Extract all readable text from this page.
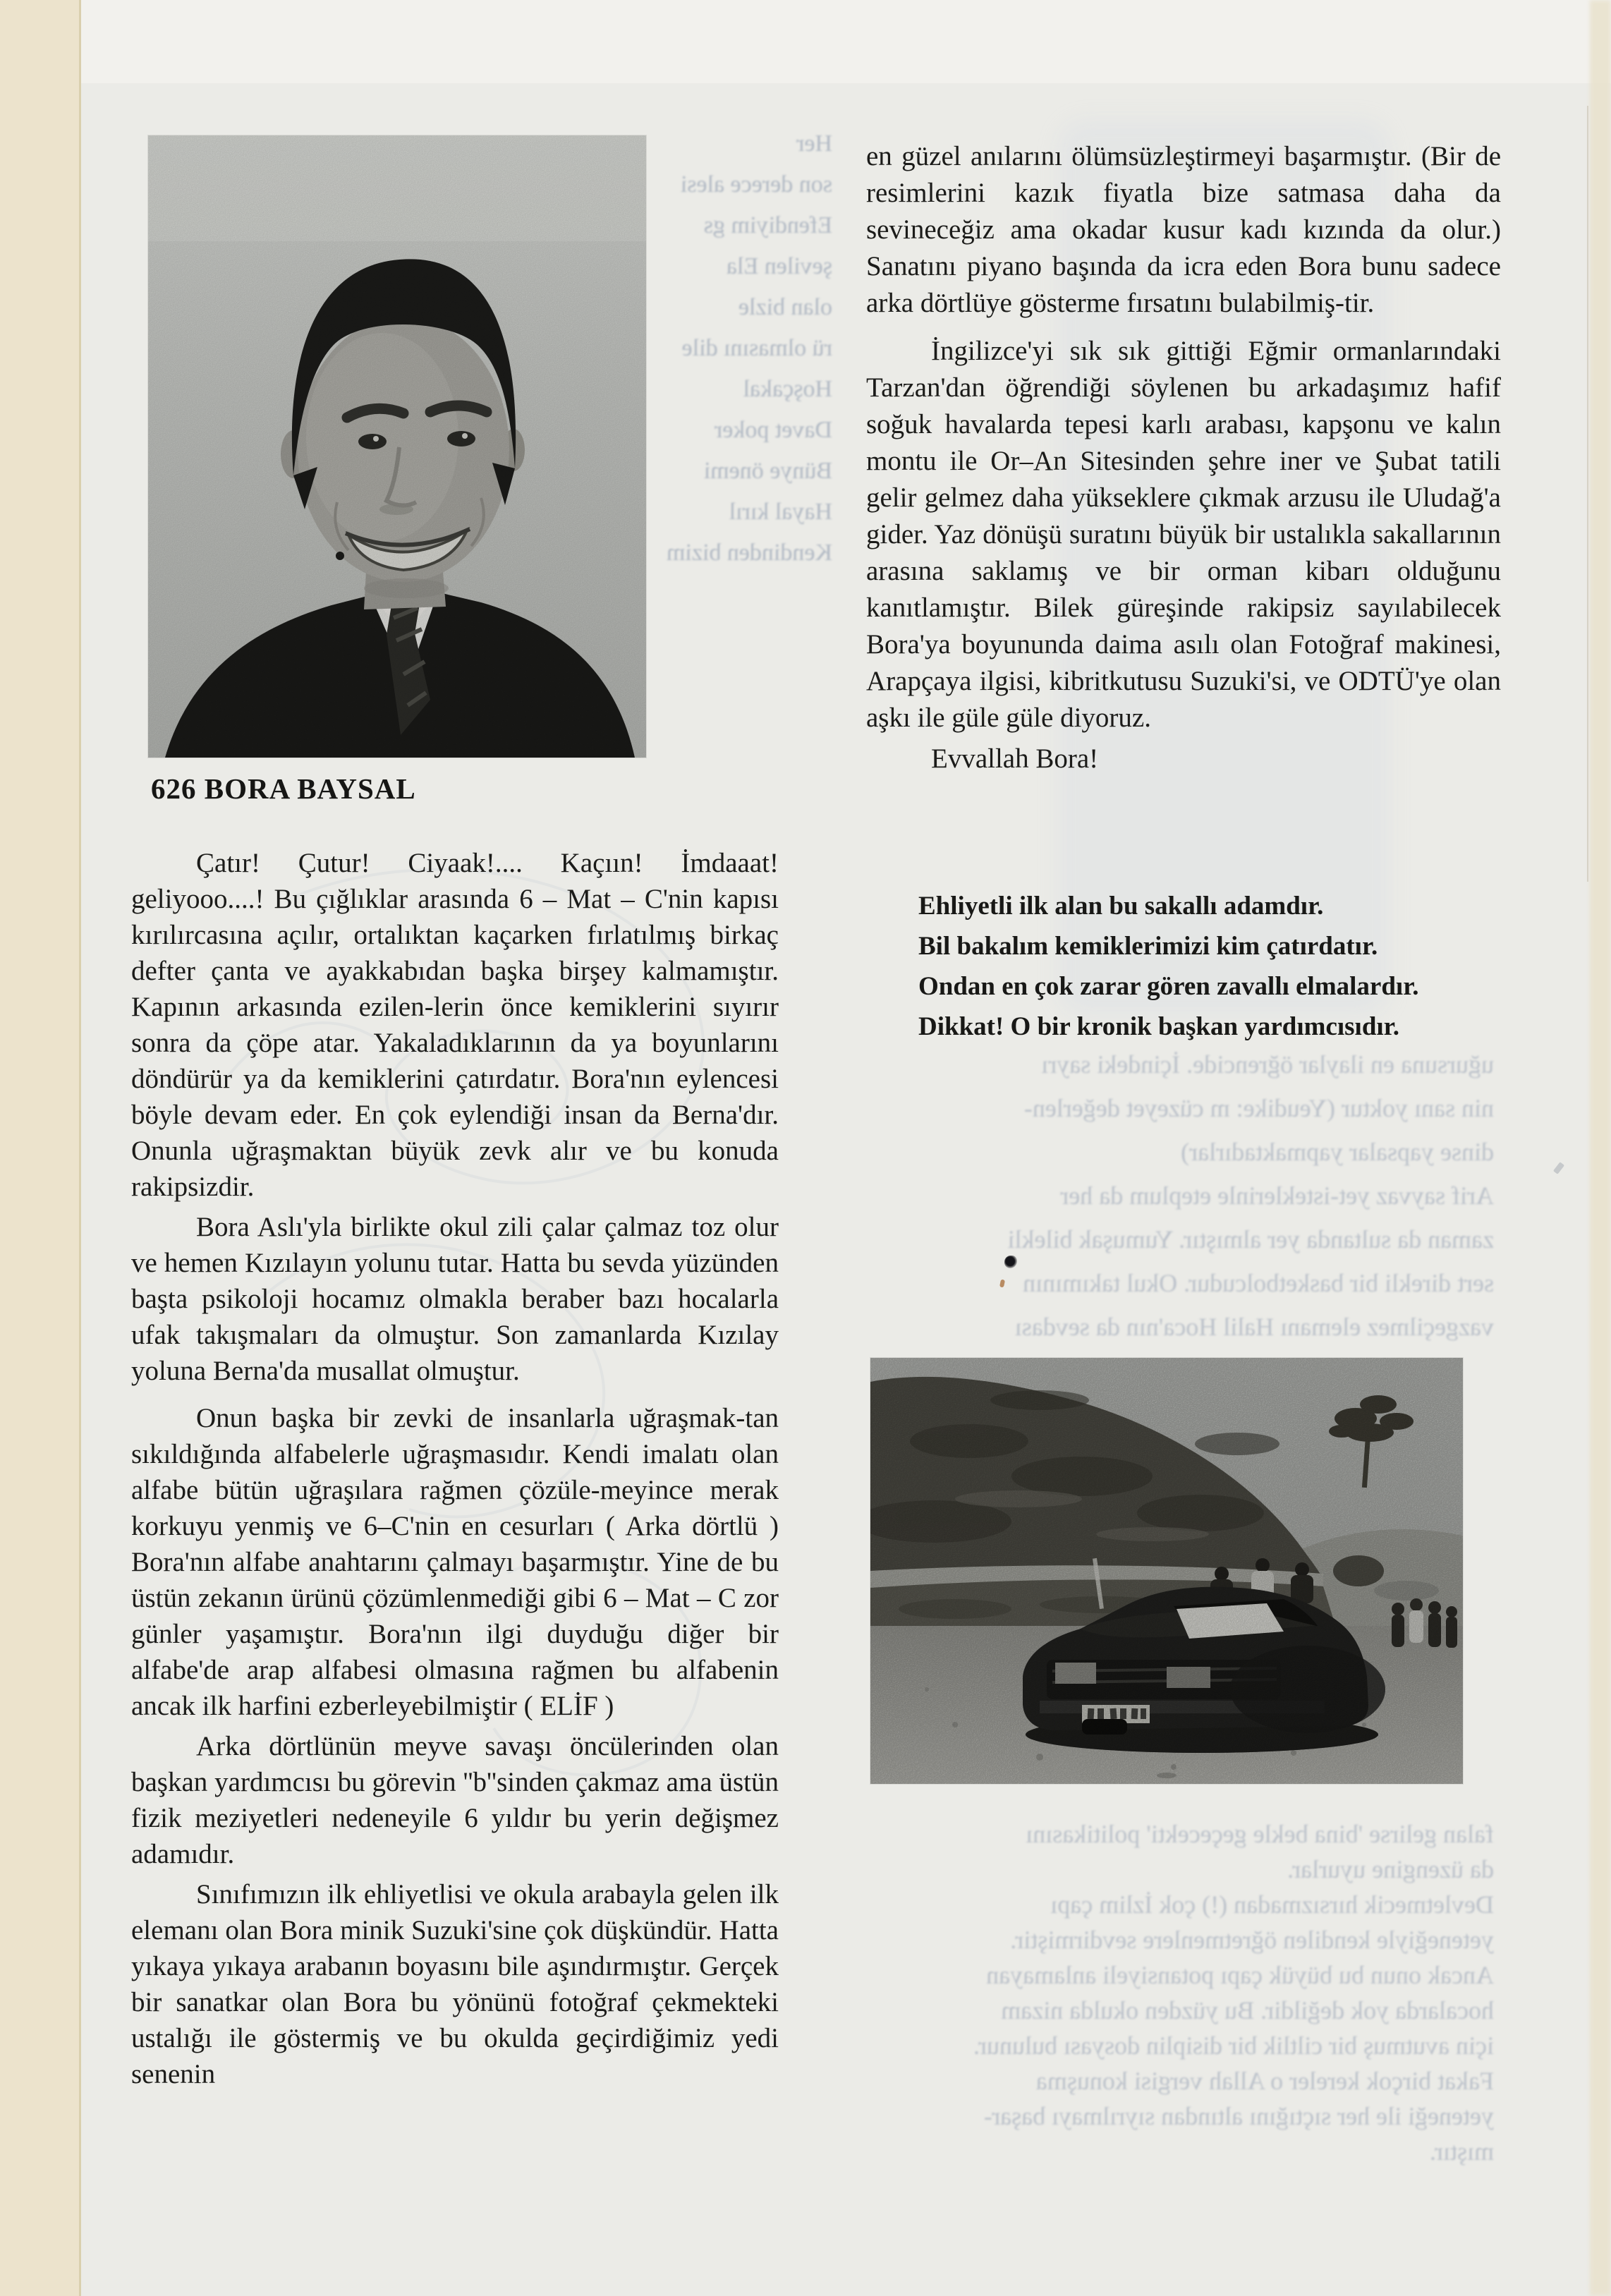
Her
son derece alesi
Efendiyim gs
şevilen Ela
olan bizle
rü olmasını dile
Hoşçakal
Davet poker
Bünye önemi
Hayal kırıl
Kendinden bizim
626 BORA BAYSAL

Çatır! Çutur! Ciyaak!.... Kaçıın! İmdaaat! geliyooo....! Bu çığlıklar arasında 6 – Mat – C'nin kapısı kırılırcasına açılır, ortalıktan kaçarken fırlatılmış birkaç defter çanta ve ayakkabıdan başka birşey kalmamıştır. Kapının arkasında ezilen-lerin önce kemiklerini sıyırır sonra da çöpe atar. Yakaladıklarının da ya boyunlarını döndürür ya da kemiklerini çatırdatır. Bora'nın eylencesi böyle devam eder. En çok eylendiği insan da Berna'dır. Onunla uğraşmaktan büyük zevk alır ve bu konuda rakipsizdir.

Bora Aslı'yla birlikte okul zili çalar çalmaz toz olur ve hemen Kızılayın yolunu tutar. Hatta bu sevda yüzünden başta psikoloji hocamız olmakla beraber bazı hocalarla ufak takışmaları da olmuştur. Son zamanlarda Kızılay yoluna Berna'da musallat olmuştur.

Onun başka bir zevki de insanlarla uğraşmak-tan sıkıldığında alfabelerle uğraşmasıdır. Kendi imalatı olan alfabe bütün uğraşılara rağmen çözüle-meyince merak korkuyu yenmiş ve 6–C'nin en cesurları ( Arka dörtlü ) Bora'nın alfabe anahtarını çalmayı başarmıştır. Yine de bu üstün zekanın ürünü çözümlenmediği gibi 6 – Mat – C zor günler yaşamıştır. Bora'nın ilgi duyduğu diğer bir alfabe'de arap alfabesi olmasına rağmen bu alfabenin ancak ilk harfini ezberleyebilmiştir ( ELİF )

Arka dörtlünün meyve savaşı öncülerinden olan başkan yardımcısı bu görevin ''b''sinden çakmaz ama üstün fizik meziyetleri nedeneyile 6 yıldır bu yerin değişmez adamıdır.

Sınıfımızın ilk ehliyetlisi ve okula arabayla gelen ilk elemanı olan Bora minik Suzuki'sine çok düşkündür. Hatta yıkaya yıkaya arabanın boyasını bile aşındırmıştır. Gerçek bir sanatkar olan Bora bu yönünü fotoğraf çekmekteki ustalığı ile göstermiş ve bu okulda geçirdiğimiz yedi senenin

en güzel anılarını ölümsüzleştirmeyi başarmıştır. (Bir de resimlerini kazık fiyatla bize satmasa daha da sevineceğiz ama okadar kusur kadı kızında da olur.) Sanatını piyano başında da icra eden Bora bunu sadece arka dörtlüye gösterme fırsatını bulabilmiş-tir.

İngilizce'yi sık sık gittiği Eğmir ormanlarındaki Tarzan'dan öğrendiği söylenen bu arkadaşımız hafif soğuk havalarda tepesi karlı arabası, kapşonu ve kalın montu ile Or–An Sitesinden şehre iner ve Şubat tatili gelir gelmez daha yükseklere çıkmak arzusu ile Uludağ'a gider. Yaz dönüşü suratını büyük bir ustalıkla sakallarının arasına saklamış ve bir orman kibarı olduğunu kanıtlamıştır. Bilek güreşinde rakipsiz sayılabilecek Bora'ya boyununda daima asılı olan Fotoğraf makinesi, Arapçaya ilgisi, kibritkutusu Suzuki'si, ve ODTÜ'ye olan aşkı ile güle güle diyoruz.

Evvallah Bora!

Ehliyetli ilk alan bu sakallı adamdır.
Bil bakalım kemiklerimizi kim çatırdatır.
Ondan en çok zarar gören zavallı elmalardır.
Dikkat! O bir kronik başkan yardımcısıdır.
uğursuna en ilaylar öğrencide. İçindeki sayrı
nin sanı yoktur (Yeudike: m cüzeyet değerlen-
dinse yapsalar yapmaktadırlar)
Arif sayvaz yet-isteklerinle eteplum da her
zaman da sultanda yer almıştır. Yumuşak bilekli
sert direkli bir basketbolcudur. Okul takımının
vazgeçilmez elemanı Halil Hoca'nın da sevdası
falan gelirse 'bina bekle geçecekti' politikasını
da üzengine uyurlar.
Devletmecik hırsızmadan (!) çok İzlim çapı
yeteneğiyle kendilen öğretmenlere sevdirmiştir.
Ancak onun bu büyük çapı potansiyeli anlamayan
hocalarda yok değildir. Bu yüzden okulda nizam
için avutmuş bir ciltlik bir disiplin dosyası bulunur.
Fakat birçok kereler o Allah vergisi konuşma
yeteneği ile her sıçtığını altından sıyrılmayı başar-
mıştır.
